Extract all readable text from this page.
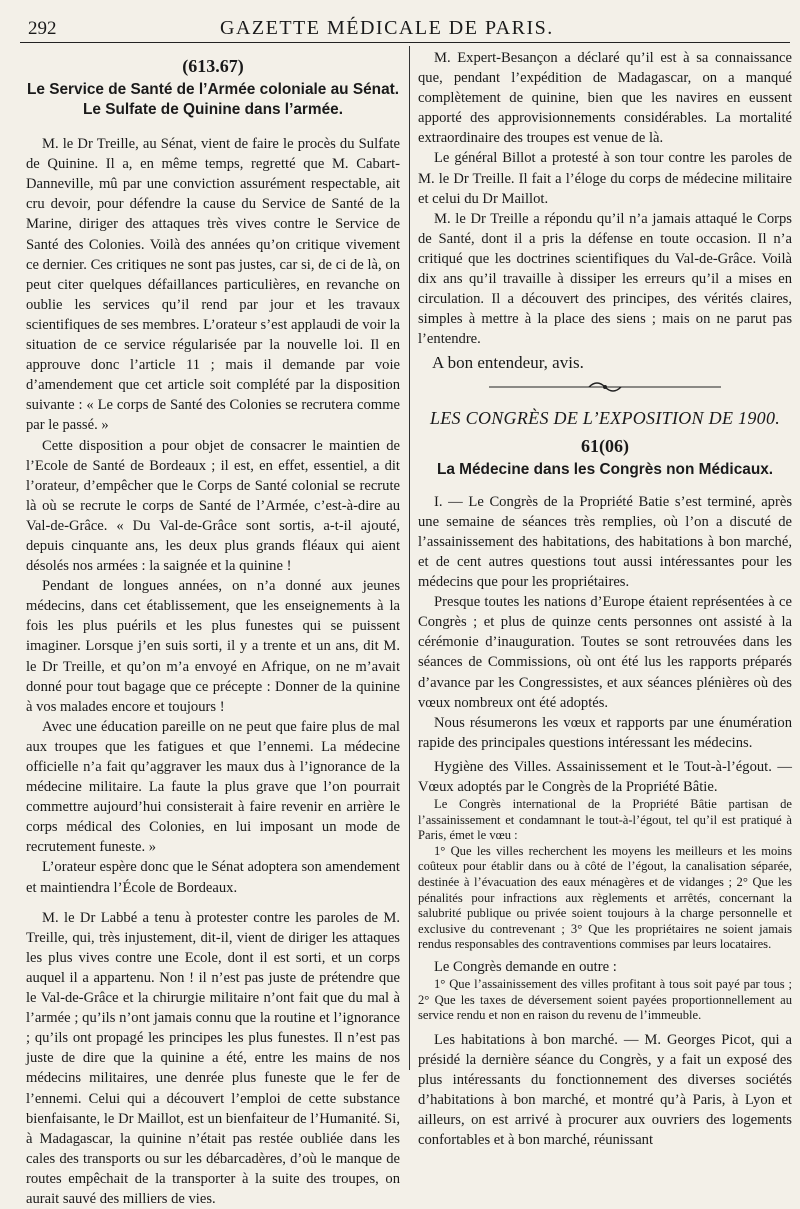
292	GAZETTE MÉDICALE DE PARIS.

(613.67)

Le Service de Santé de l’Armée coloniale au Sénat.

Le Sulfate de Quinine dans l’armée.

M. le Dr Treille, au Sénat, vient de faire le procès du Sulfate de Quinine. Il a, en même temps, regretté que M. Cabart-Danneville, mû par une conviction assurément respectable, ait cru devoir, pour défendre la cause du Service de Santé de la Marine, diriger des attaques très vives contre le Service de Santé des Colonies. Voilà des années qu’on critique vivement ce dernier. Ces critiques ne sont pas justes, car si, de ci de là, on peut citer quelques défaillances particulières, en revanche on oublie les services qu’il rend par jour et les travaux scientifiques de ses membres. L’orateur s’est applaudi de voir la situation de ce service régularisée par la nouvelle loi. Il en approuve donc l’article 11 ; mais il demande par voie d’amendement que cet article soit complété par la disposition suivante : « Le corps de Santé des Colonies se recrutera comme par le passé. »

Cette disposition a pour objet de consacrer le maintien de l’Ecole de Santé de Bordeaux ; il est, en effet, essentiel, a dit l’orateur, d’empêcher que le Corps de Santé colonial se recrute là où se recrute le corps de Santé de l’Armée, c’est-à-dire au Val-de-Grâce. « Du Val-de-Grâce sont sortis, a-t-il ajouté, depuis cinquante ans, les deux plus grands fléaux qui aient désolés nos armées : la saignée et la quinine !

Pendant de longues années, on n’a donné aux jeunes médecins, dans cet établissement, que les enseignements à la fois les plus puérils et les plus funestes qui se puissent imaginer. Lorsque j’en suis sorti, il y a trente et un ans, dit M. le Dr Treille, et qu’on m’a envoyé en Afrique, on ne m’avait donné pour tout bagage que ce précepte : Donner de la quinine à vos malades encore et toujours !

Avec une éducation pareille on ne peut que faire plus de mal aux troupes que les fatigues et que l’ennemi. La médecine officielle n’a fait qu’aggraver les maux dus à l’ignorance de la médecine militaire. La faute la plus grave que l’on pourrait commettre aujourd’hui consisterait à faire revenir en arrière le corps médical des Colonies, en lui imposant un mode de recrutement funeste. »

L’orateur espère donc que le Sénat adoptera son amendement et maintiendra l’École de Bordeaux.

M. le Dr Labbé a tenu à protester contre les paroles de M. Treille, qui, très injustement, dit-il, vient de diriger les attaques les plus vives contre une Ecole, dont il est sorti, et un corps auquel il a appartenu. Non ! il n’est pas juste de prétendre que le Val-de-Grâce et la chirurgie militaire n’ont fait que du mal à l’armée ; qu’ils n’ont jamais connu que la routine et l’ignorance ; qu’ils ont propagé les principes les plus funestes. Il n’est pas juste de dire que la quinine a été, entre les mains de nos médecins militaires, une denrée plus funeste que le fer de l’ennemi. Celui qui a découvert l’emploi de cette substance bienfaisante, le Dr Maillot, est un bienfaiteur de l’Humanité. Si, à Madagascar, la quinine n’était pas restée oubliée dans les cales des transports ou sur les débarcadères, d’où le manque de routes empêchait de la transporter à la suite des troupes, on aurait sauvé des milliers de vies.

M. Expert-Besançon a déclaré qu’il est à sa connaissance que, pendant l’expédition de Madagascar, on a manqué complètement de quinine, bien que les navires en eussent apporté des approvisionnements considérables. La mortalité extraordinaire des troupes est venue de là.

Le général Billot a protesté à son tour contre les paroles de M. le Dr Treille. Il fait a l’éloge du corps de médecine militaire et celui du Dr Maillot.

M. le Dr Treille a répondu qu’il n’a jamais attaqué le Corps de Santé, dont il a pris la défense en toute occasion. Il n’a critiqué que les doctrines scientifiques du Val-de-Grâce. Voilà dix ans qu’il travaille à dissiper les erreurs qu’il a mises en circulation. Il a découvert des principes, des vérités claires, simples à mettre à la place des siens ; mais on ne parut pas l’entendre.

A bon entendeur, avis.

LES CONGRÈS DE L’EXPOSITION DE 1900.

61(06)

La Médecine dans les Congrès non Médicaux.

I. — Le Congrès de la Propriété Batie s’est terminé, après une semaine de séances très remplies, où l’on a discuté de l’assainissement des habitations, des habitations à bon marché, et de cent autres questions tout aussi intéressantes pour les médecins que pour les propriétaires.

Presque toutes les nations d’Europe étaient représentées à ce Congrès ; et plus de quinze cents personnes ont assisté à la cérémonie d’inauguration. Toutes se sont retrouvées dans les séances de Commissions, où ont été lus les rapports préparés d’avance par les Congressistes, et aux séances plénières où des vœux nombreux ont été adoptés.

Nous résumerons les vœux et rapports par une énumération rapide des principales questions intéressant les médecins.

Hygiène des Villes. Assainissement et le Tout-à-l’égout. — Vœux adoptés par le Congrès de la Propriété Bâtie.

Le Congrès international de la Propriété Bâtie partisan de l’assainissement et condamnant le tout-à-l’égout, tel qu’il est pratiqué à Paris, émet le vœu :

1° Que les villes recherchent les moyens les meilleurs et les moins coûteux pour établir dans ou à côté de l’égout, la canalisation séparée, destinée à l’évacuation des eaux ménagères et de vidanges ; 2° Que les pénalités pour infractions aux règlements et arrêtés, concernant la salubrité publique ou privée soient toujours à la charge personnelle et exclusive du contrevenant ; 3° Que les propriétaires ne soient jamais rendus responsables des contraventions commises par leurs locataires.

Le Congrès demande en outre :

1° Que l’assainissement des villes profitant à tous soit payé par tous ; 2° Que les taxes de déversement soient payées proportionnellement au service rendu et non en raison du revenu de l’immeuble.

Les habitations à bon marché. — M. Georges Picot, qui a présidé la dernière séance du Congrès, y a fait un exposé des plus intéressants du fonctionnement des diverses sociétés d’habitations à bon marché, et montré qu’à Paris, à Lyon et ailleurs, on est arrivé à procurer aux ouvriers des logements confortables et à bon marché, réunissant
